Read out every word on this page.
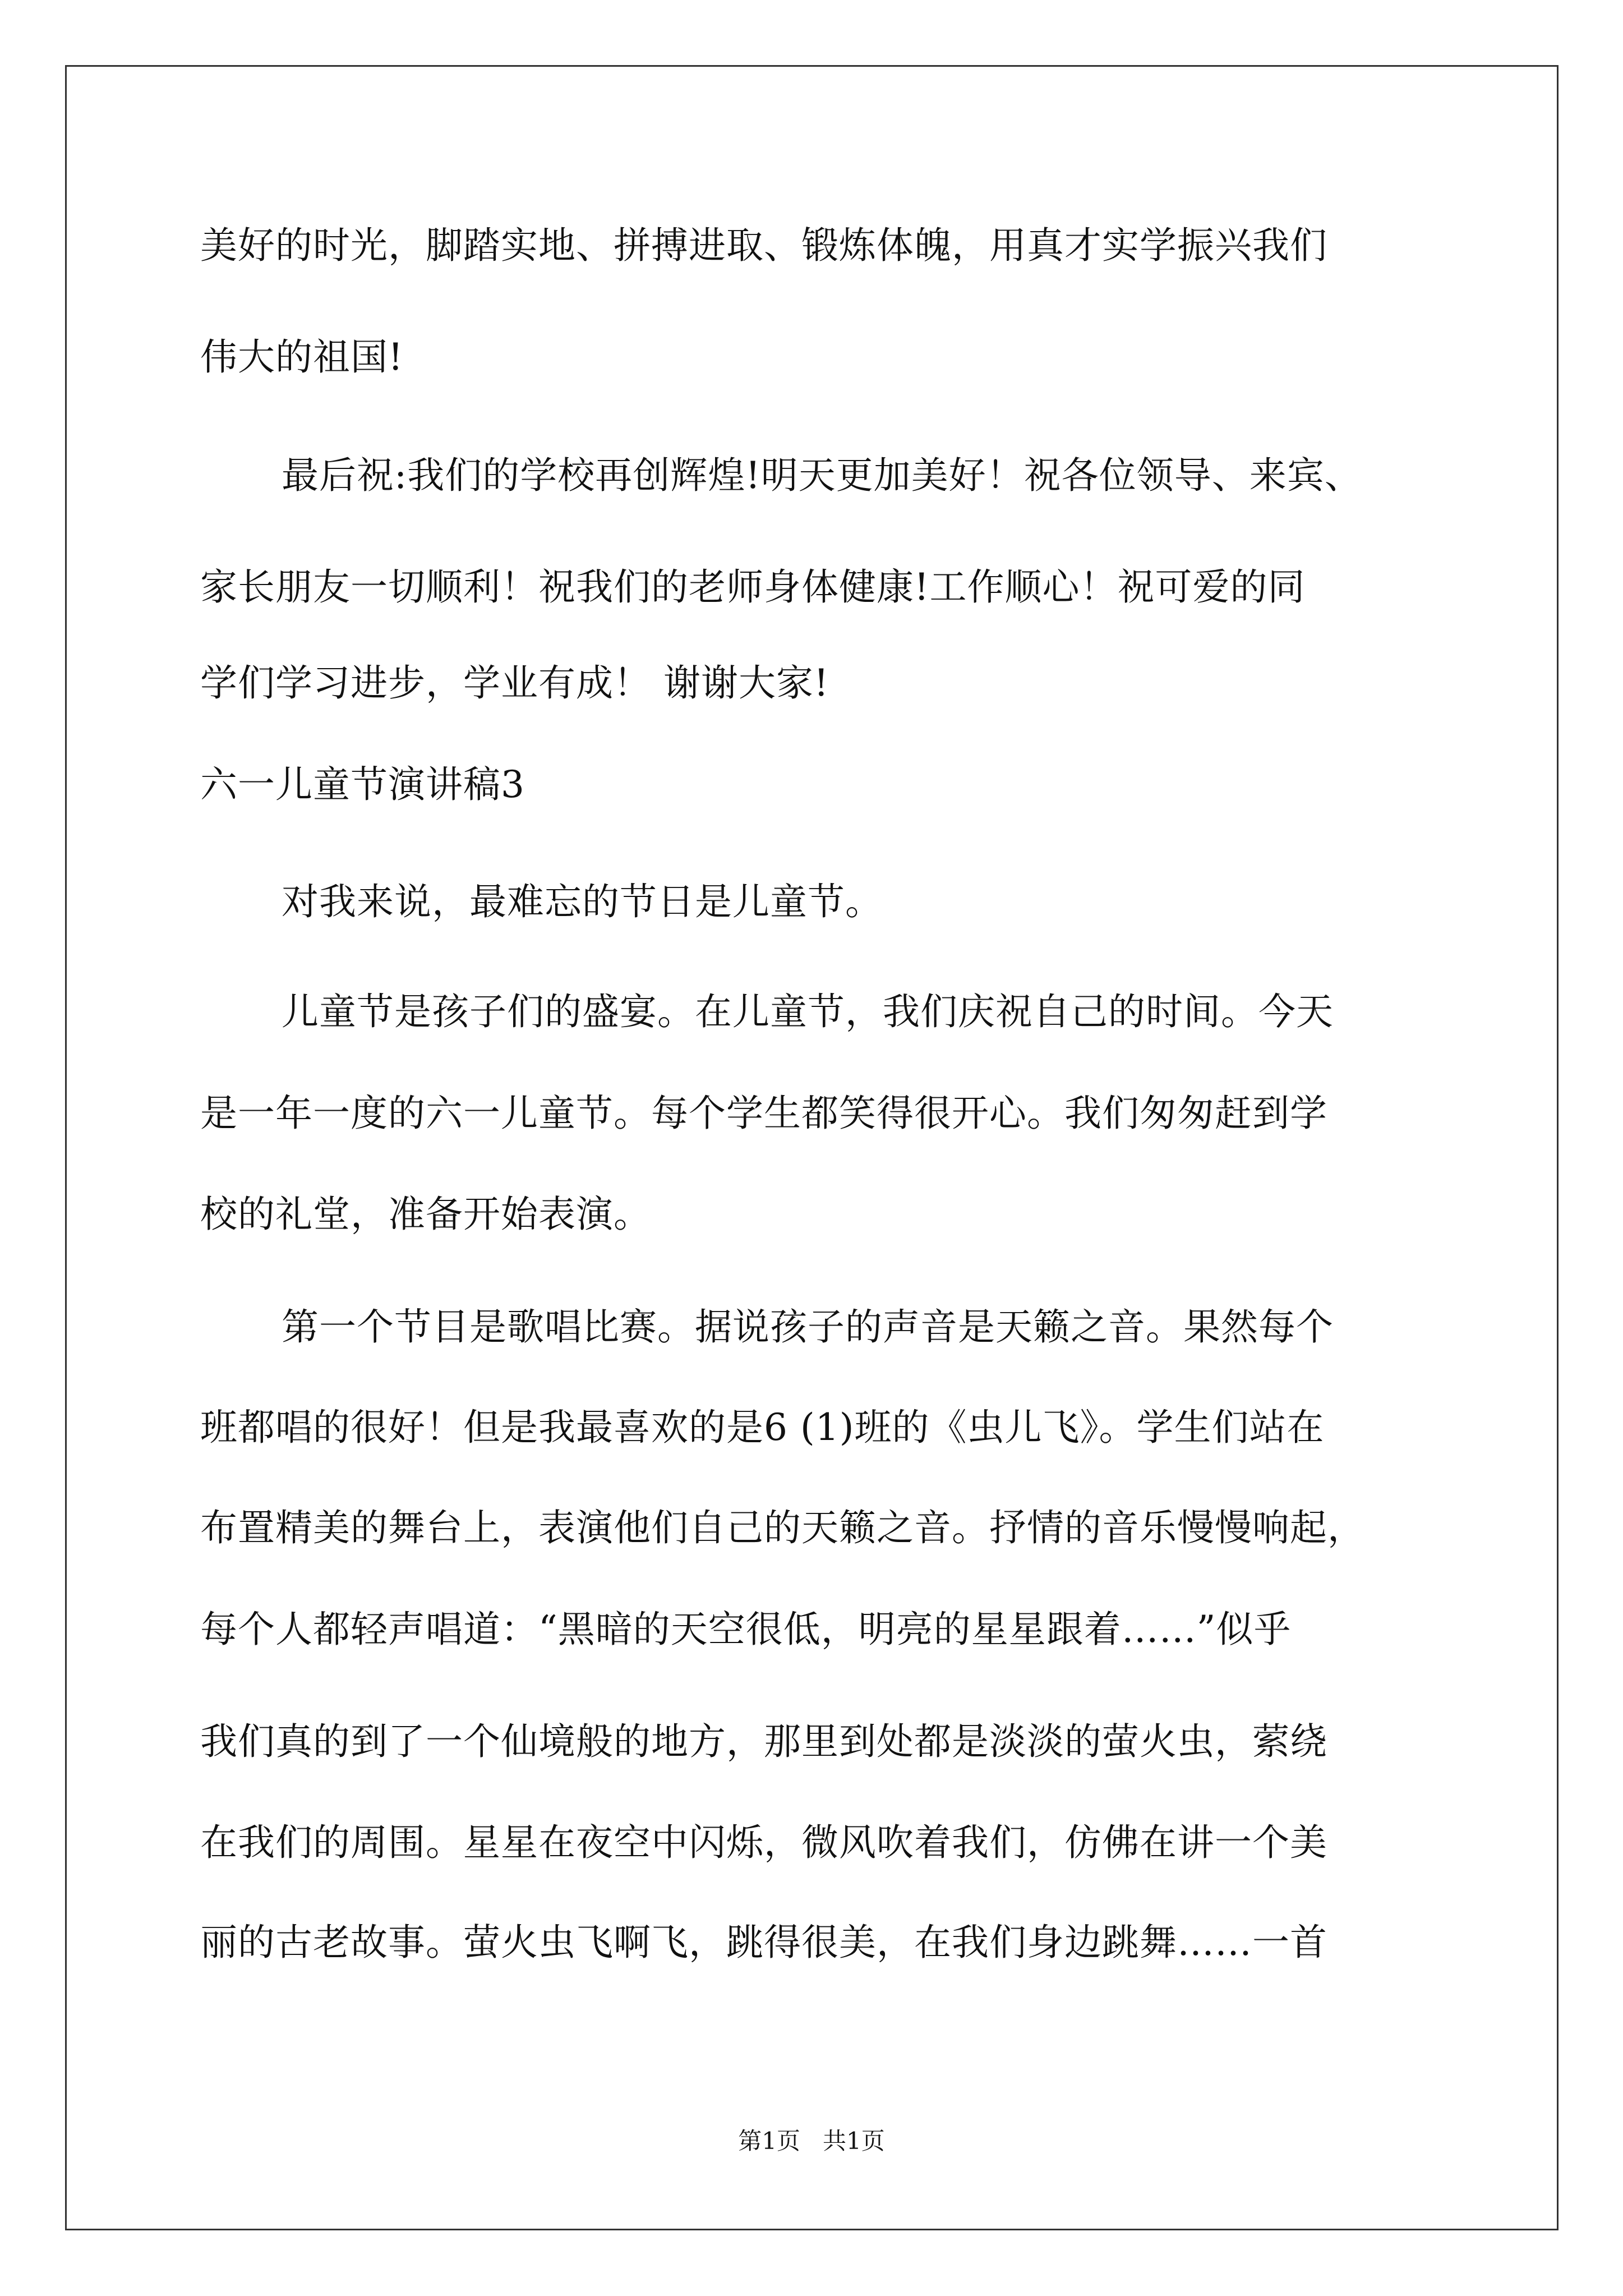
美好的时光，脚踏实地、拼搏进取、锻炼体魄，用真才实学振兴我们
伟大的祖国!
最后祝:我们的学校再创辉煌!明天更加美好！祝各位领导、来宾、
家长朋友一切顺利！祝我们的老师身体健康!工作顺心！祝可爱的同
学们学习进步，学业有成！ 谢谢大家!
六一儿童节演讲稿3
对我来说，最难忘的节日是儿童节。
儿童节是孩子们的盛宴。在儿童节，我们庆祝自己的时间。今天
是一年一度的六一儿童节。每个学生都笑得很开心。我们匆匆赶到学
校的礼堂，准备开始表演。
第一个节目是歌唱比赛。据说孩子的声音是天籁之音。果然每个
班都唱的很好！但是我最喜欢的是6 (1)班的《虫儿飞》。学生们站在
布置精美的舞台上，表演他们自己的天籁之音。抒情的音乐慢慢响起，
每个人都轻声唱道：“黑暗的天空很低，明亮的星星跟着……”似乎
我们真的到了一个仙境般的地方，那里到处都是淡淡的萤火虫，萦绕
在我们的周围。星星在夜空中闪烁，微风吹着我们，仿佛在讲一个美
丽的古老故事。萤火虫飞啊飞，跳得很美，在我们身边跳舞……一首
第1页   共1页
